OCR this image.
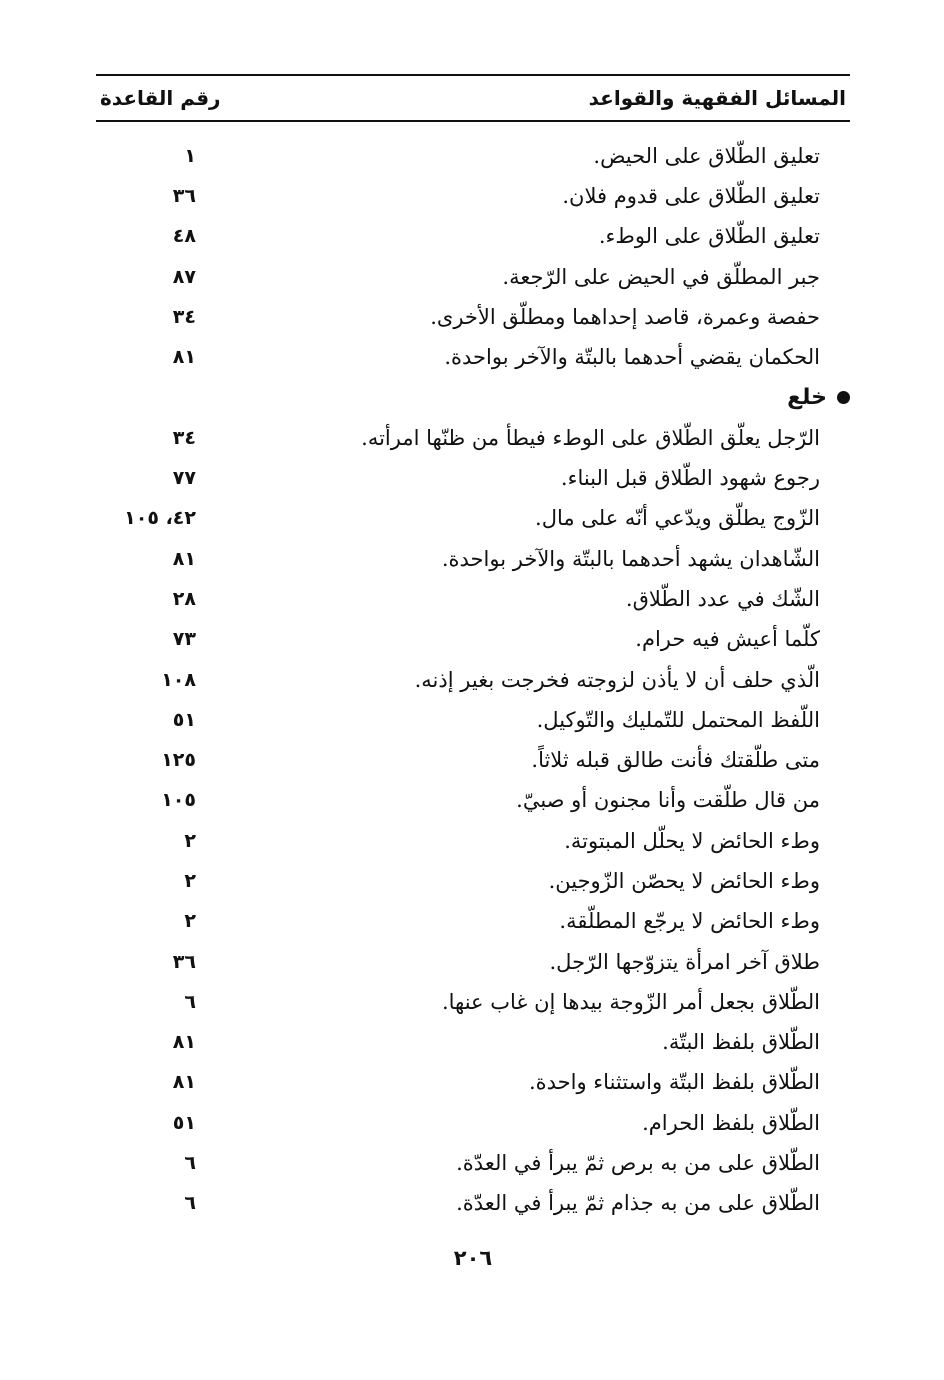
المسائل الفقهية والقواعد
رقم القاعدة
تعليق الطّلاق على الحيض.
١
تعليق الطّلاق على قدوم فلان.
٣٦
تعليق الطّلاق على الوطء.
٤٨
جبر المطلّق في الحيض على الرّجعة.
٨٧
حفصة وعمرة، قاصد إحداهما ومطلّق الأخرى.
٣٤
الحكمان يقضي أحدهما بالبتّة والآخر بواحدة.
٨١
خلع
الرّجل يعلّق الطّلاق على الوطء فيطأ من ظنّها امرأته.
٣٤
رجوع شهود الطّلاق قبل البناء.
٧٧
الزّوج يطلّق ويدّعي أنّه على مال.
٤٢، ١٠٥
الشّاهدان يشهد أحدهما بالبتّة والآخر بواحدة.
٨١
الشّك في عدد الطّلاق.
٢٨
كلّما أعيش فيه حرام.
٧٣
الّذي حلف أن لا يأذن لزوجته فخرجت بغير إذنه.
١٠٨
اللّفظ المحتمل للتّمليك والتّوكيل.
٥١
متى طلّقتك فأنت طالق قبله ثلاثاً.
١٢٥
من قال طلّقت وأنا مجنون أو صبيّ.
١٠٥
وطء الحائض لا يحلّل المبتوتة.
٢
وطء الحائض لا يحصّن الزّوجين.
٢
وطء الحائض لا يرجّع المطلّقة.
٢
طلاق آخر امرأة يتزوّجها الرّجل.
٣٦
الطّلاق بجعل أمر الزّوجة بيدها إن غاب عنها.
٦
الطّلاق بلفظ البتّة.
٨١
الطّلاق بلفظ البتّة واستثناء واحدة.
٨١
الطّلاق بلفظ الحرام.
٥١
الطّلاق على من به برص ثمّ يبرأ في العدّة.
٦
الطّلاق على من به جذام ثمّ يبرأ في العدّة.
٦
٢٠٦
